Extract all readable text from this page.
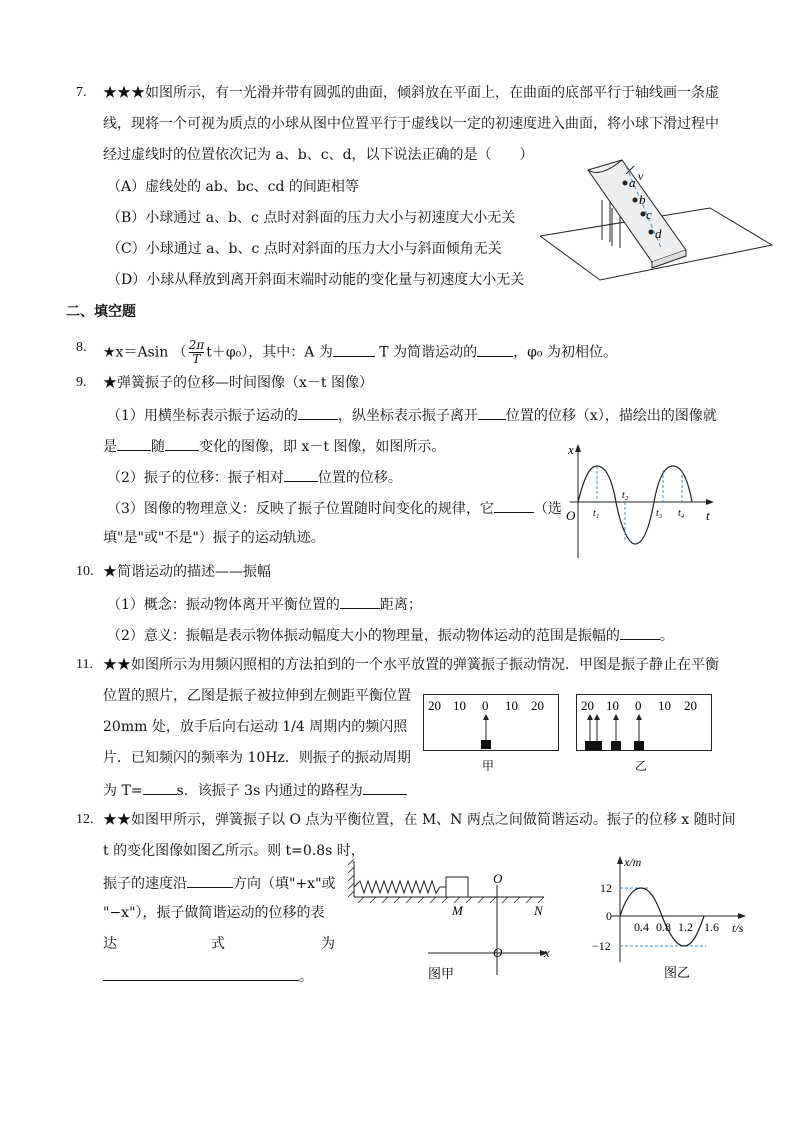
7. ★★★如图所示，有一光滑并带有圆弧的曲面，倾斜放在平面上，在曲面的底部平行于轴线画一条虚
线，现将一个可视为质点的小球从图中位置平行于虚线以一定的初速度进入曲面，将小球下滑过程中
经过虚线时的位置依次记为 a、b、c、d，以下说法正确的是（　　）
（A）虚线处的 ab、bc、cd 的间距相等
（B）小球通过 a、b、c 点时对斜面的压力大小与初速度大小无关
（C）小球通过 a、b、c 点时对斜面的压力大小与斜面倾角无关
（D）小球从释放到离开斜面末端时动能的变化量与初速度大小无关
v
a
b
c
d
二、填空题
8. ★x＝Asin （ $\frac{2\pi}{T} t+\varphi_0$），其中：A 为	T 为简谐运动的	，φ₀ 为初相位。
9. ★弹簧振子的位移—时间图像（x－t 图像）
（1）用横坐标表示振子运动的	，纵坐标表示振子离开 位置的位移（x），描绘出的图像就
是 随 变化的图像，即 x－t 图像，如图所示。
（2）振子的位移：振子相对 位置的位移。
（3）图像的物理意义：反映了振子位置随时间变化的规律，它	（选
填"是"或"不是"）振子的运动轨迹。
x
t
O t₁
t₂
t₃ t₄
10. ★简谐运动的描述——振幅
（1）概念：振动物体离开平衡位置的	距离；
（2）意义：振幅是表示物体振动幅度大小的物理量，振动物体运动的范围是振幅的	。
11. ★★如图所示为用频闪照相的方法拍到的一个水平放置的弹簧振子振动情况．甲图是振子静止在平衡
位置的照片，乙图是振子被拉伸到左侧距平衡位置
20mm 处，放手后向右运动 1/4 周期内的频闪照
片．已知频闪的频率为 10Hz．则振子的振动周期
为 T= s．该振子 3s 内通过的路程为
20 10 0 10 20
甲
20 10 0 10 20
乙
12. ★★如图甲所示，弹簧振子以 O 点为平衡位置，在 M、N 两点之间做简谐运动。振子的位移 x 随时间
t 的变化图像如图乙所示。则 t=0.8s 时，
振子的速度沿	方向（填"+x"或
"−x"），振子做简谐运动的位移的表
达	式	为
。
O
M	N
O	x
图甲
x/m
t/s
12
0
−12
0.4 0.8 1.2 1.6
图乙
